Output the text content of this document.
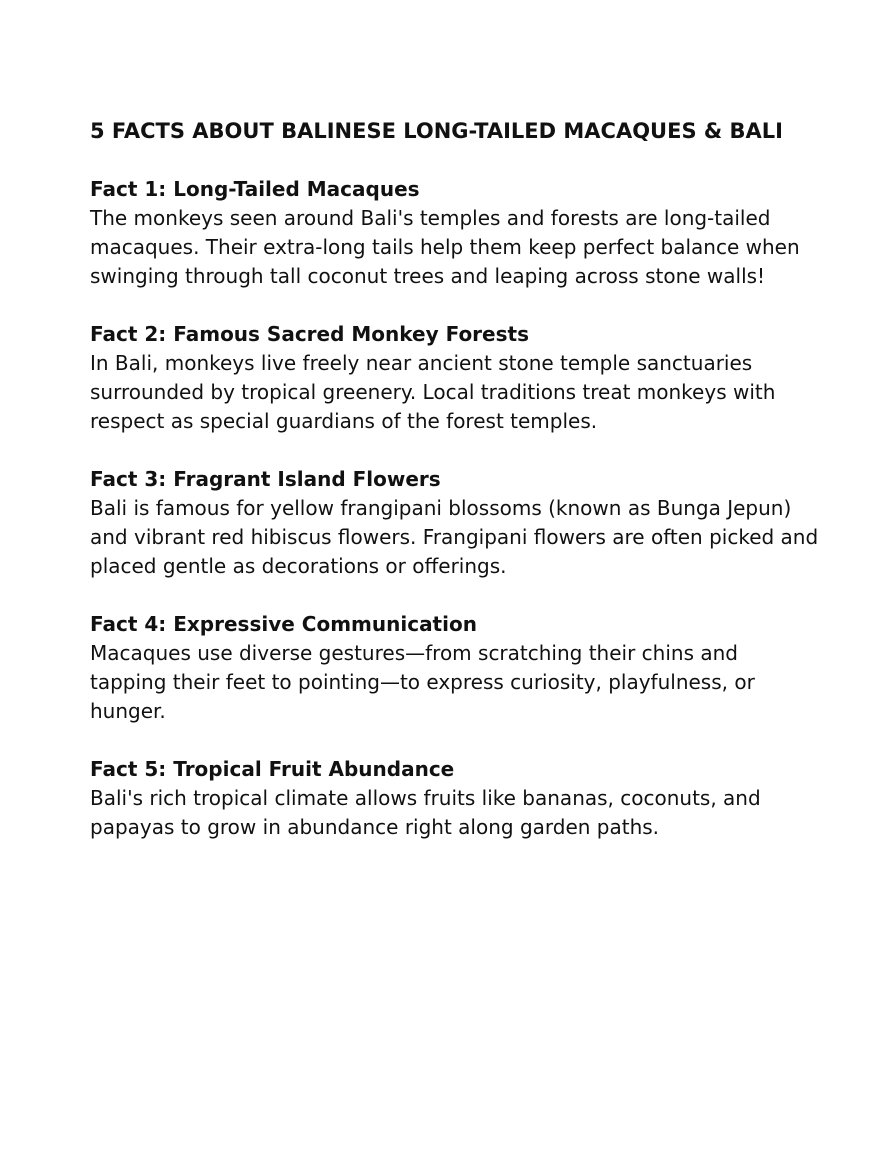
5 FACTS ABOUT BALINESE LONG-TAILED MACAQUES & BALI

Fact 1: Long-Tailed Macaques

The monkeys seen around Bali's temples and forests are long-tailed macaques. Their extra-long tails help them keep perfect balance when swinging through tall coconut trees and leaping across stone walls!

Fact 2: Famous Sacred Monkey Forests

In Bali, monkeys live freely near ancient stone temple sanctuaries surrounded by tropical greenery. Local traditions treat monkeys with respect as special guardians of the forest temples.

Fact 3: Fragrant Island Flowers

Bali is famous for yellow frangipani blossoms (known as Bunga Jepun) and vibrant red hibiscus flowers. Frangipani flowers are often picked and placed gentle as decorations or offerings.

Fact 4: Expressive Communication

Macaques use diverse gestures—from scratching their chins and tapping their feet to pointing—to express curiosity, playfulness, or hunger.

Fact 5: Tropical Fruit Abundance

Bali's rich tropical climate allows fruits like bananas, coconuts, and papayas to grow in abundance right along garden paths.
